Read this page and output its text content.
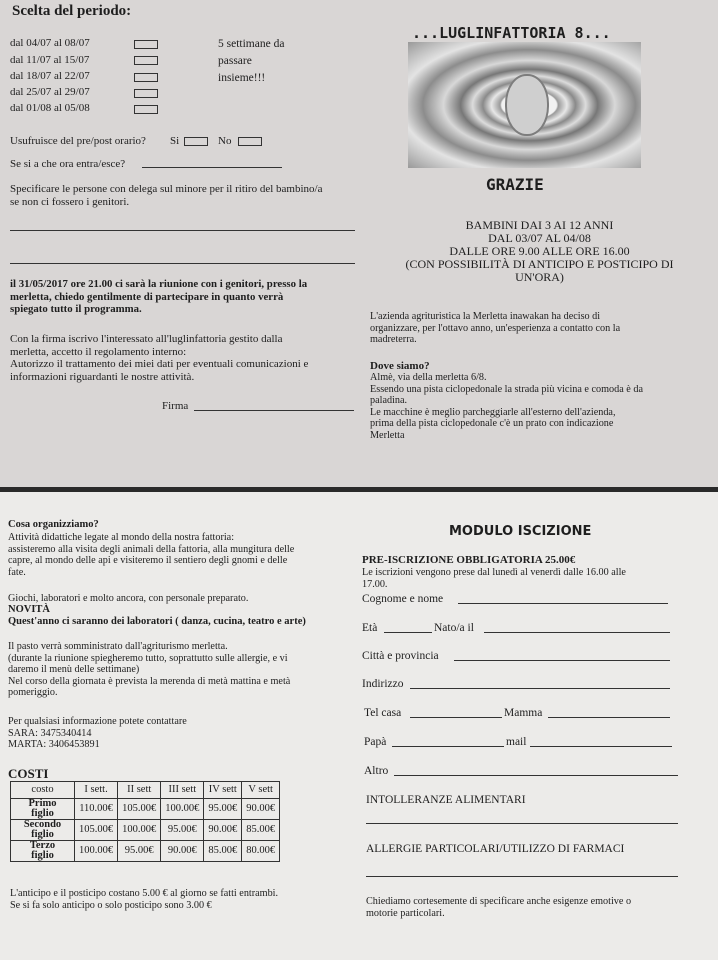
Scelta del periodo:
dal 04/07 al 08/07
dal 11/07 al 15/07
dal 18/07 al 22/07
dal 25/07 al 29/07
dal 01/08 al 05/08
5 settimane da
passare
insieme!!!
Usufruisce del pre/post orario? Si	No
Se si a che ora entra/esce?
Specificare le persone con delega sul minore per il ritiro del bambino/a
se non ci fossero i genitori.
il 31/05/2017 ore 21.00 ci sarà la riunione con i genitori, presso la
merletta, chiedo gentilmente di partecipare in quanto verrà
spiegato tutto il programma.
Con la firma iscrivo l'interessato all'luglinfattoria gestito dalla
merletta, accetto il regolamento interno:
Autorizzo il trattamento dei miei dati per eventuali comunicazioni e
informazioni riguardanti le nostre attività.
Firma
...LUGLINFATTORIA 8...
GRAZIE
BAMBINI DAI 3 AI 12 ANNI
DAL 03/07 AL 04/08
DALLE ORE 9.00 ALLE ORE 16.00
(CON POSSIBILITÀ DI ANTICIPO E POSTICIPO DI
UN'ORA)
L'azienda agrituristica la Merletta inawakan ha deciso di
organizzare, per l'ottavo anno, un'esperienza a contatto con la
madreterra.
Dove siamo?
Almè, via della merletta 6/8.
Essendo una pista ciclopedonale la strada più vicina e comoda è da
paladina.
Le macchine è meglio parcheggiarle all'esterno dell'azienda,
prima della pista ciclopedonale c'è un prato con indicazione
Merletta
Cosa organizziamo?
Attività didattiche legate al mondo della nostra fattoria:
assisteremo alla visita degli animali della fattoria, alla mungitura delle
capre, al mondo delle api e visiteremo il sentiero degli gnomi e delle
fate.
Giochi, laboratori e molto ancora, con personale preparato.
NOVITÀ
Quest'anno ci saranno dei laboratori ( danza, cucina, teatro e arte)
Il pasto verrà somministrato dall'agriturismo merletta.
(durante la riunione spiegheremo tutto, soprattutto sulle allergie, e vi
daremo il menù delle settimane)
Nel corso della giornata è prevista la merenda di metà mattina e metà
pomeriggio.
Per qualsiasi informazione potete contattare
SARA: 3475340414
MARTA: 3406453891
COSTI
costo	I sett.	II sett	III sett	IV sett	V sett

Primo
figlio	110.00€	105.00€	100.00€	95.00€	90.00€

Secondo
figlio	105.00€	100.00€	95.00€	90.00€	85.00€

Terzo
figlio	100.00€	95.00€	90.00€	85.00€	80.00€
L'anticipo e il posticipo costano 5.00 € al giorno se fatti entrambi.
Se si fa solo anticipo o solo posticipo sono 3.00 €
MODULO ISCIZIONE
PRE-ISCRIZIONE OBBLIGATORIA 25.00€
Le iscrizioni vengono prese dal lunedì al venerdì dalle 16.00 alle
17.00.
Cognome e nome
Età	Nato/a il
Città e provincia
Indirizzo
Tel casa	Mamma
Papà	mail
Altro
INTOLLERANZE ALIMENTARI
ALLERGIE PARTICOLARI/UTILIZZO DI FARMACI
Chiediamo cortesemente di specificare anche esigenze emotive o
motorie particolari.
